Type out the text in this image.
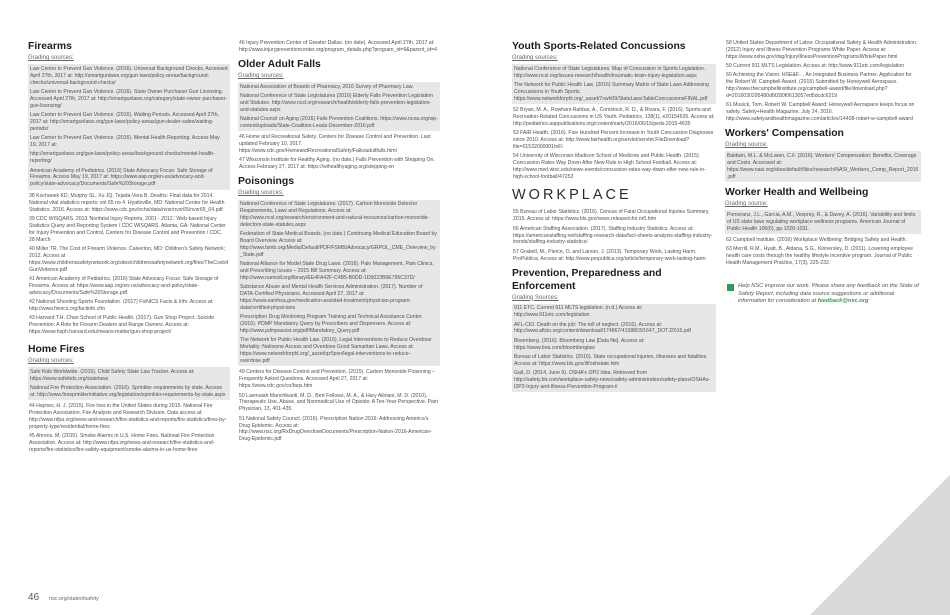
Firearms
Grading sources:

Law Center to Prevent Gun Violence. (2016). Universal Background Checks. Accessed April 27th, 2017 at: http://smartgunlaws.org/gun-laws/policy-areas/background-checks/universal-background-checks/

Law Center to Prevent Gun Violence. (2016). State Owner Purchaser Gun Licensing. Accessed April 27th, 2017 at: http://smartgunlaws.org/category/state-owner-purchaser-gun-licensing/

Law Center to Prevent Gun Violence. (2016). Waiting Periods. Accessed April 27th, 2017 at: http://smartgunlaws.org/gun-laws/policy-areas/gun-dealer-sales/waiting-periods/

Law Center to Prevent Gun Violence. (2016). Mental Health Reporting. Access May 19, 2017 at:

http://smartgunlaws.org/gun-laws/policy-areas/background-checks/mental-health-reporting/

American Academy of Pediatrics. (2016) State Advocacy Focus: Safe Storage of Firearms. Access May 19, 2017 at: https://www.aap.org/en-us/advocacy-and-policy/state-advocacy/Documents/Safe%20Storage.pdf

38 Kochanek KD, Murphy SL, Xu JQ, Tejada-Vera B. Deaths: Final data for 2014. National vital statistics reports; vol 65 no 4. Hyattsville, MD: National Center for Health Statistics. 2016. Access at: https://www.cdc.gov/nchs/data/nvsr/nvsr65/nvsr65_04.pdf

39 CDC WISQARS. 2013 'Nonfatal Injury Reports, 2001 - 2012.' Web-based Injury Statistics Query and Reporting System / CDC WISQARS. Atlanta, GA: National Center for Injury Prevention and Control, Centers for Disease Control and Prevention / CDC. 28 March

40 Miller TR. The Cost of Firearm Violence. Calverton, MD: Children's Safety Network; 2012. Access at https://www.childrenssafetynetwork.org/sites/childrenssafetynetwork.org/files/TheCostofGunViolence.pdf

41 American Academy of Pediatrics. (2016) State Advocacy Focus: Safe Storage of Firearms. Access at: https://www.aap.org/en-us/advocacy-and-policy/state-advocacy/Documents/Safe%20Storage.pdf

42 National Shooting Sports Foundation. (2017) FixNICS Facts & Info. Access at: http://www.fixnics.org/factinfo.cfm

43 Harvard T.H. Chan School of Public Health. (2017). Gun Shop Project. Suicide Prevention: A Role for Firearm Dealers and Range Owners. Access at: https://www.hsph.harvard.edu/means-matter/gun-shop-project/

Home Fires
Grading sources:

Safe Kids Worldwide. (2016). Child Safety State Law Tracker. Access at: https://www.safekids.org/statelaws

National Fire Protection Association. (2016). Sprinkler requirements by state. Access at: http://www.firesprinklerinitiative.org/legislation/sprinkler-requirements-by-state.aspx

44 Haynes, H. J. (2015). Fire loss in the United States during 2015. National Fire Protection Association. Fire Analysis and Research Division. Data access at: http://www.nfpa.org/news-and-research/fire-statistics-and-reports/fire-statistics/fires-by-property-type/residential/home-fires

45 Ahrens, M. (2015). Smoke Alarms in U.S. Home Fires. National Fire Protection Association. Access at: http://www.nfpa.org/news-and-research/fire-statistics-and-reports/fire-statistics/fire-safety-equipment/smoke-alarms-in-us-home-fires

46 Injury Prevention Center of Greater Dallas. (no date). Accessed April 27th, 2017 at: http://www.injurypreventioncenter.org/program_details.php?program_id=9&parent_id=4

Older Adult Falls
Grading sources:

National Association of Boards of Pharmacy, 2016 Survey of Pharmacy Law.

National Conference of State Legislatures (2016) Elderly Falls Prevention Legislation and Statutes. http://www.ncsl.org/research/health/elderly-falls-prevention-legislation-and-statutes.aspx

National Council on Aging (2016) Falls Prevention Coalitions. https://www.ncoa.org/wp-content/uploads/State-Coalition-Leads-December-2016.pdf

46 Home and Recreational Safety. Centers for Disease Control and Prevention. Last updated February 10, 2017. https://www.cdc.gov/HomeandRecreationalSafety/Falls/adultfalls.html

47 Wisconsin Institute for Healthy Aging. (no date.) Falls Prevention with Stepping On. Access February 27, 2017 at: https://wihealthyaging.org/stepping-on

Poisonings
Grading sources:

National Conference of State Legislatures. (2017). Carbon Monoxide Detector Requirements, Laws and Regulations. Access at: http://www.ncsl.org/research/environment-and-natural-resources/carbon-monoxide-detectors-state-statutes.aspx

Federation of State Medical Boards. (no date.) Continuing Medical Education Board by Board Overview. Access at: http://www.fsmb.org/Media/Default/PDF/FSMB/Advocacy/GRPOL_CME_Overview_by_State.pdf

National Alliance for Model State Drug Laws. (2016). Pain Management, Pain Clinics, and Prescribing Issues – 2015 Bill Summary. Access at: http://www.namsdl.org/library/EE4FA42F-C4B5-B0DD-1D5023B9E795C37D/

Substance Abuse and Mental Health Services Administration. (2017). Number of DATA-Certified Physicians. Accessed April 27, 2017 at: https://www.samhsa.gov/medication-assisted-treatment/physician-program-data/certified-physicians

Prescription Drug Monitoring Program Training and Technical Assistance Center. (2016). PDMP Mandatory Query by Prescribers and Dispensers. Access at: http://www.pdmpassist.org/pdf/Mandatory_Query.pdf

The Network for Public Health Law. (2016). Legal Interventions to Reduce Overdose Mortality: Naloxone Access and Overdose Good Samaritan Laws. Access at: https://www.networkforphl.org/_asset/qz5pvn/legal-interventions-to-reduce-overdose.pdf

49 Centers for Disease Control and Prevention. (2015). Carbon Monoxide Poisoning – Frequently Asked Questions. Accessed April 27, 2017 at: https://www.cdc.gov/co/faqs.htm

50 Laxmaiah Manchikanti, M. D., Bert Fellows, M. A., & Hary Ailinani, M. D. (2010). Therapeutic Use, Abuse, and Nonmedical Use of Opioids: A Ten-Year Perspective. Pain Physician, 13, 401-435.

51 National Safety Council. (2016). Prescription Nation 2016: Addressing America's Drug Epidemic. Access at: http://www.nsc.org/RxDrugOverdoseDocuments/Prescription-Nation-2016-American-Drug-Epidemic.pdf

Youth Sports-Related Concussions
Grading sources:

National Conference of State Legislatures. Map of Concussion in Sports Legislation. http://www.ncsl.org/issues-research/health/traumatic-brain-injury-legislation.aspx

The Network for Public Health Law. (2016) Summary Matrix of State Laws Addressing Concussions in Youth Sports. https://www.networkforphl.org/_asset/7xwh09/StateLawsTableConcussionsFINAL.pdf

52 Bryan, M. A., Rowhani-Rahbar, A., Comstock, R. D., & Rivara, F. (2016). Sports-and Recreation-Related Concussions in US Youth. Pediatrics, 138(1), e20154635. Access at: http://pediatrics.aappublications.org/content/early/2016/06/16/peds.2015-4635

53 FAIR Health. (2016). Five Hundred Percent Increase in Youth Concussion Diagnoses since 2010. Access at: http://www.fairhealth.org/servlet/servlet.FileDownload?file=01532000001tnFi

54 University of Wisconsin-Madison School of Medicine and Public Health. (2015). Concussion Rates Way Down After New Rule in High School Football. Access at: http://www.med.wisc.edu/news-events/concussion-rates-way-down-after-new-rule-in-high-school-football/47253

WORKPLACE

55 Bureau of Labor Statistics. (2016). Census of Fatal Occupational Injuries Summary, 2015. Access at: https://www.bls.gov/news.release/cfoi.nr0.htm

56 American Staffing Association. (2017). Staffing Industry Statistics. Access at: https://americanstaffing.net/staffing-research-data/fact-sheets-analysis-staffing-industry-trends/staffing-industry-statistics/

57 Grabell, M., Pierce, O. and Larson, J. (2013). Temporary Work, Lasting Harm. ProPublica. Access at: http://www.propublica.org/article/temporary-work-lasting-harm

Prevention, Preparedness and Enforcement
Grading Sources:

911 ETC. Current 911 MLTS legislation. (n.d.) Access at: http://www.911etc.com/legislation

AFL-CIO. Death on the job: The toll of neglect. (2016). Access at: http://www.aflcio.org/content/download/174867/4158803/1647_DOTJ2016.pdf

Bloomberg. (2016). Bloomberg Law [Data file]. Access at: https://www.bna.com/bloomberglaw

Bureau of Labor Statistics. (2016). State occupational injuries, illnesses and fatalities. Access at: https://www.bls.gov/iif/oshstate.htm

Galt, D. (2014, June 9). OSHA's I2P2 Idea. Retrieved from http://safety.blr.com/workplace-safety-news/safety-administration/safety-plans/OSHAs-I2P2-Injury-and-Illness-Prevention-Program-i/

58 United States Department of Labor. Occupational Safety & Health Administration. (2012) Injury and Illness Prevention Programs White Paper. Access at: https://www.osha.gov/dsg/InjuryIllnessPreventionProgramsWhitePaper.html

59 Current 911 MLTS Legislation. Access at: http://www.911etc.com/legislation

60 Achieving the Vision: HSE&F… An Integrated Business Partner. Application for the Robert W. Campbell Award. (2015) Submitted by Honeywell Aerospace. http://www.thecampbellinstitute.org/campbell-award/file/download.php?d=2016030295480d6f280f0613057ed5dcdc6219

61 Musick, Tom. Robert W. Campbell Award: Honeywell Aerospace keeps focus on safety. Safety+Health Magazine. July 24, 2016. http://www.safetyandhealthmagazine.com/articles/14408-robert-w-campbell-award

Workers' Compensation
Grading source:

Baldwin, M.L. & McLaren, C.F. (2016). Workers' Compensation: Benefits, Coverage and Costs. Accessed at: https://www.nasi.org/sites/default/files/research/NASI_Workers_Comp_Report_2016.pdf

Worker Health and Wellbeing
Grading source:

Pomeranz, J.L., Garcia, A.M., Vesprey, R., & Davey, A. (2016). Variability and limits of US state laws regulating workplace wellness programs. American Journal of Public Health 106(6), pp.1028-1031.

62 Campbell Institute. (2016) Workplace Wellbeing: Bridging Safety and Health.

63 Merrill, R.M., Hyatt, B., Aldana, S.G., Kinnersley, D. (2011). Lowering employee health care costs through the healthy lifestyle incentive program. Journal of Public Health Management Practice, 17(3), 225-232.

Help NSC improve our work. Please share any feedback on the State of Safety Report, including data source suggestions or additional information for consideration at feedback@nsc.org
46 nsc.org/stateofsafety
